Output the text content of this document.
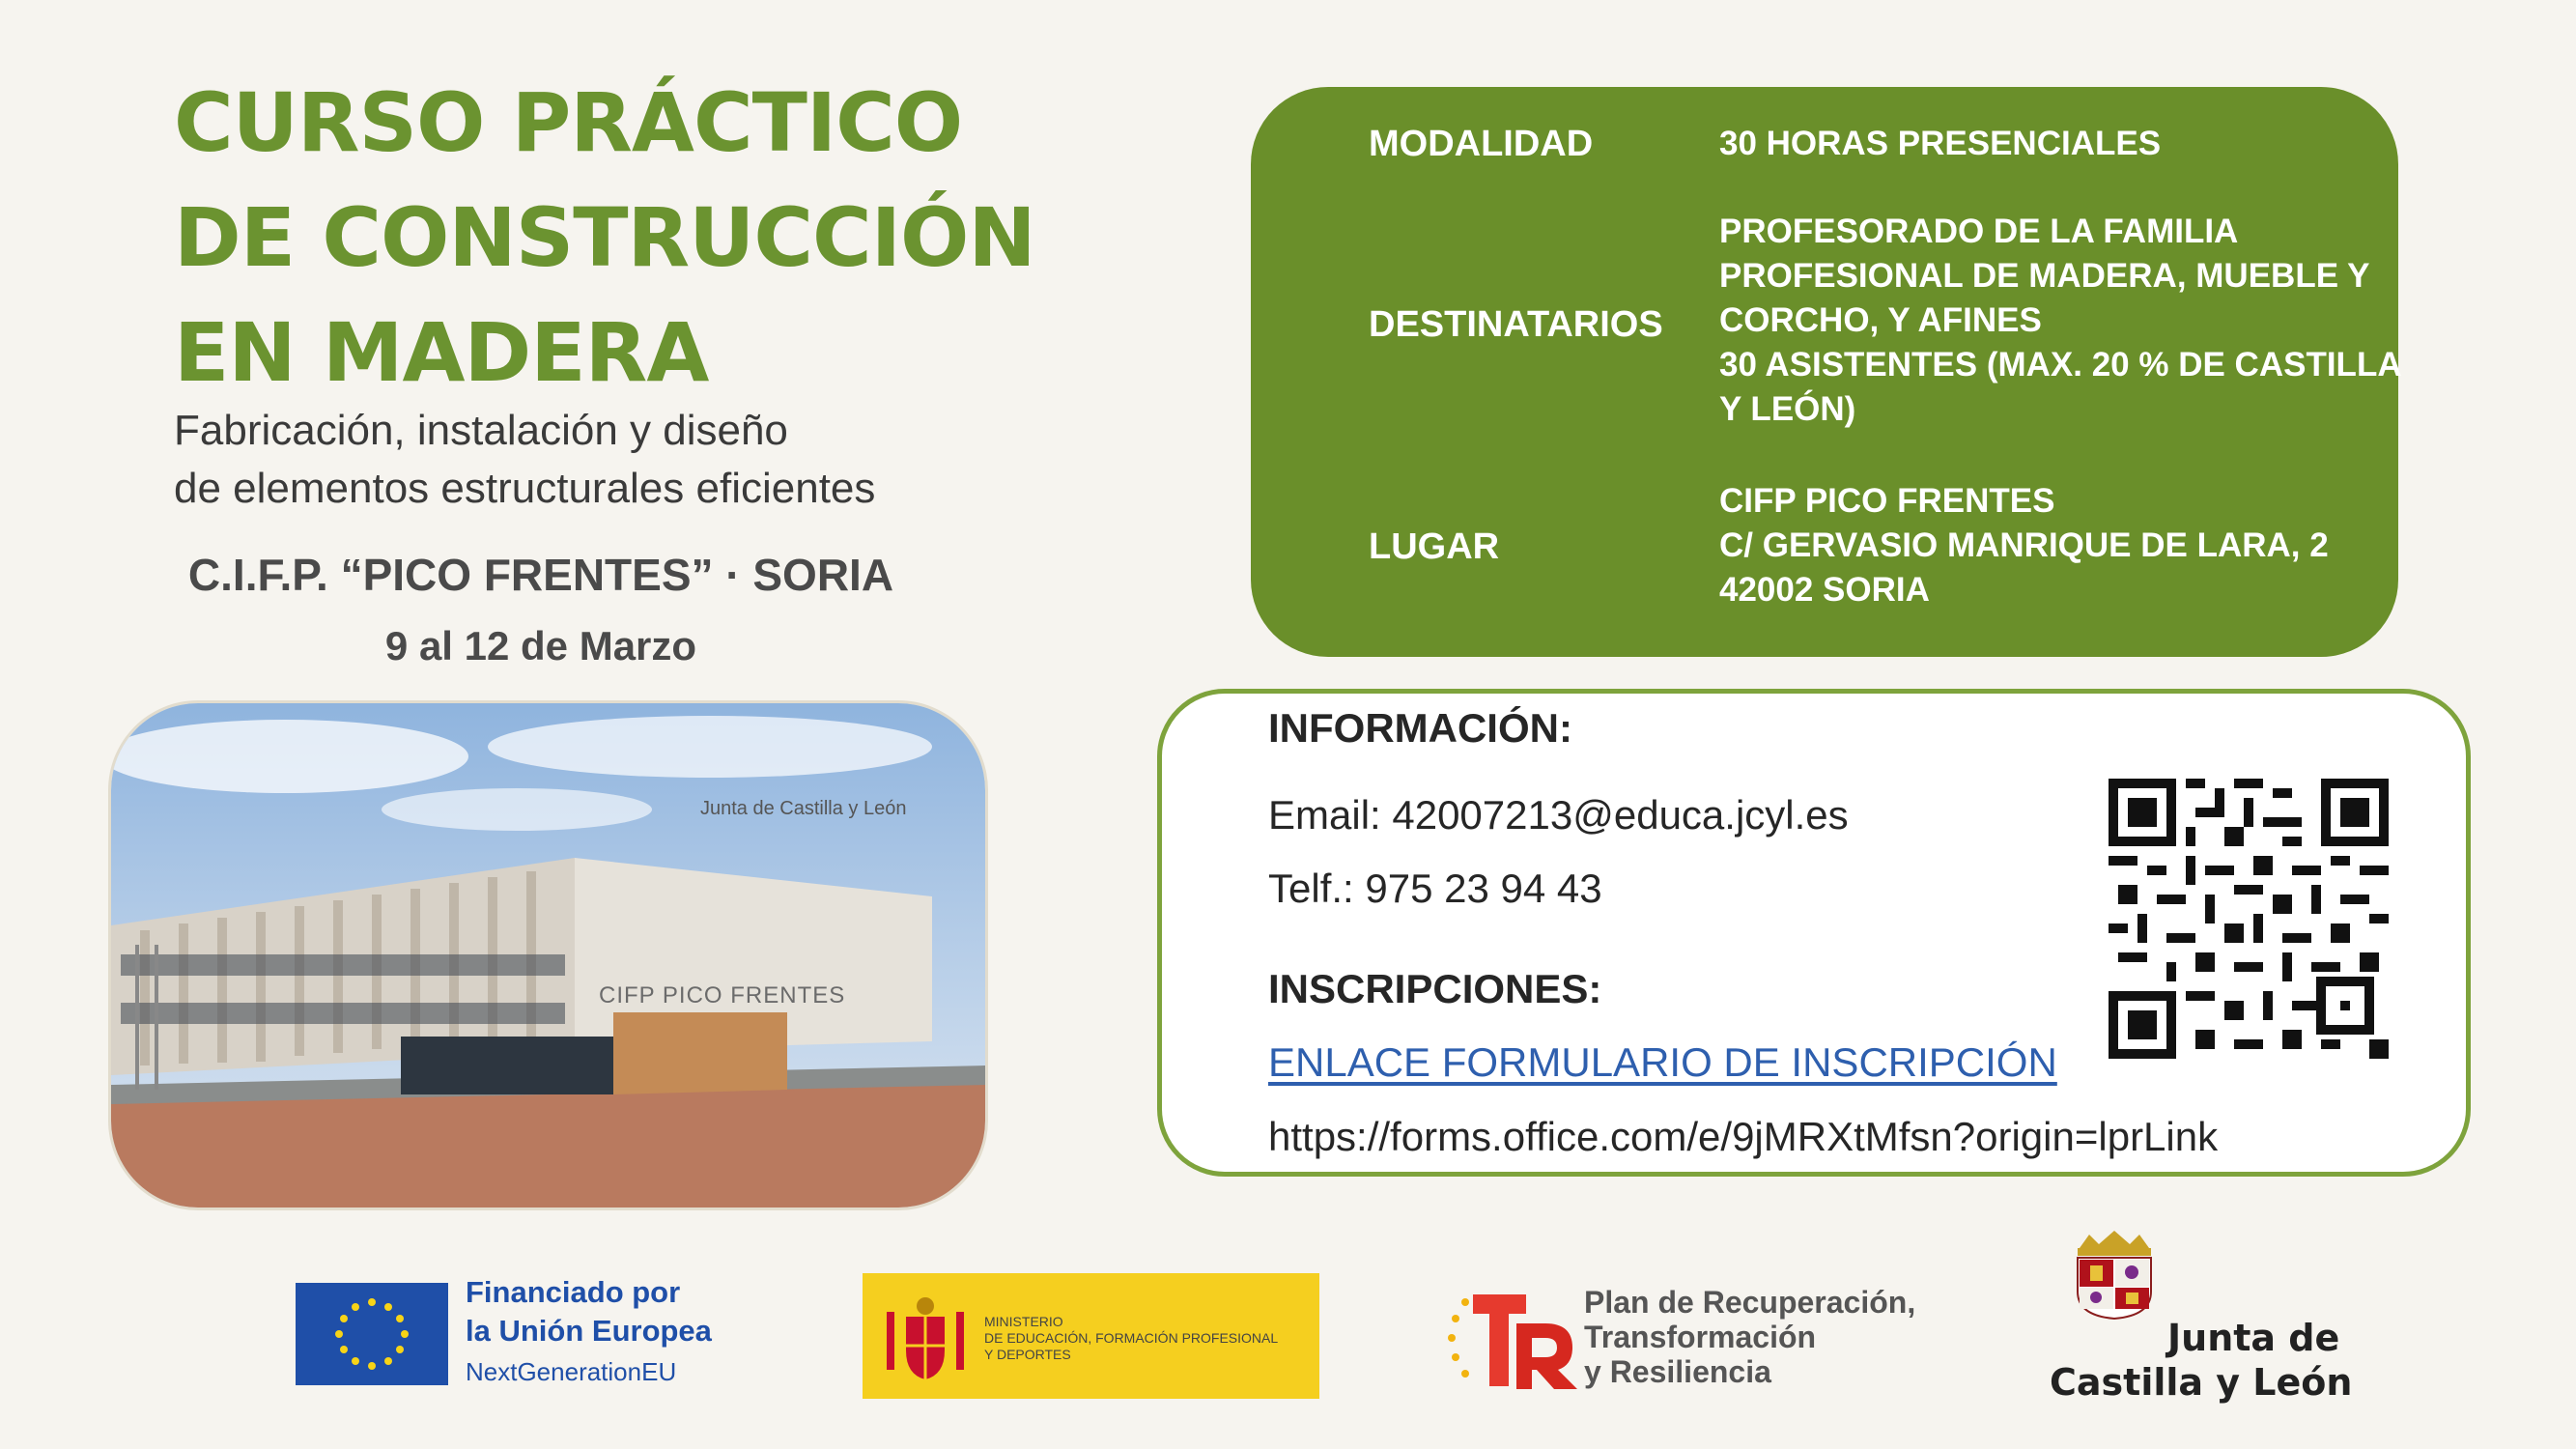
CURSO PRÁCTICO
DE CONSTRUCCIÓN
EN MADERA
Fabricación, instalación y diseño
de elementos estructurales eficientes
C.I.F.P. “PICO FRENTES” · SORIA
9 al 12 de Marzo
Junta de Castilla y León
CIFP PICO FRENTES
MODALIDAD	30 HORAS PRESENCIALES
DESTINATARIOS
PROFESORADO DE LA FAMILIA
PROFESIONAL DE MADERA, MUEBLE Y
CORCHO, Y AFINES
30 ASISTENTES (MAX. 20 % DE CASTILLA
Y LEÓN)
LUGAR
CIFP PICO FRENTES
C/ GERVASIO MANRIQUE DE LARA, 2
42002 SORIA
INFORMACIÓN:
Email: 42007213@educa.jcyl.es
Telf.: 975 23 94 43
INSCRIPCIONES:
ENLACE FORMULARIO DE INSCRIPCIÓN
https://forms.office.com/e/9jMRXtMfsn?origin=lprLink
Financiado por
la Unión Europea
NextGenerationEU
MINISTERIO
DE EDUCACIÓN, FORMACIÓN PROFESIONAL
Y DEPORTES
Plan de Recuperación,
Transformación
y Resiliencia
Junta de
Castilla y León
